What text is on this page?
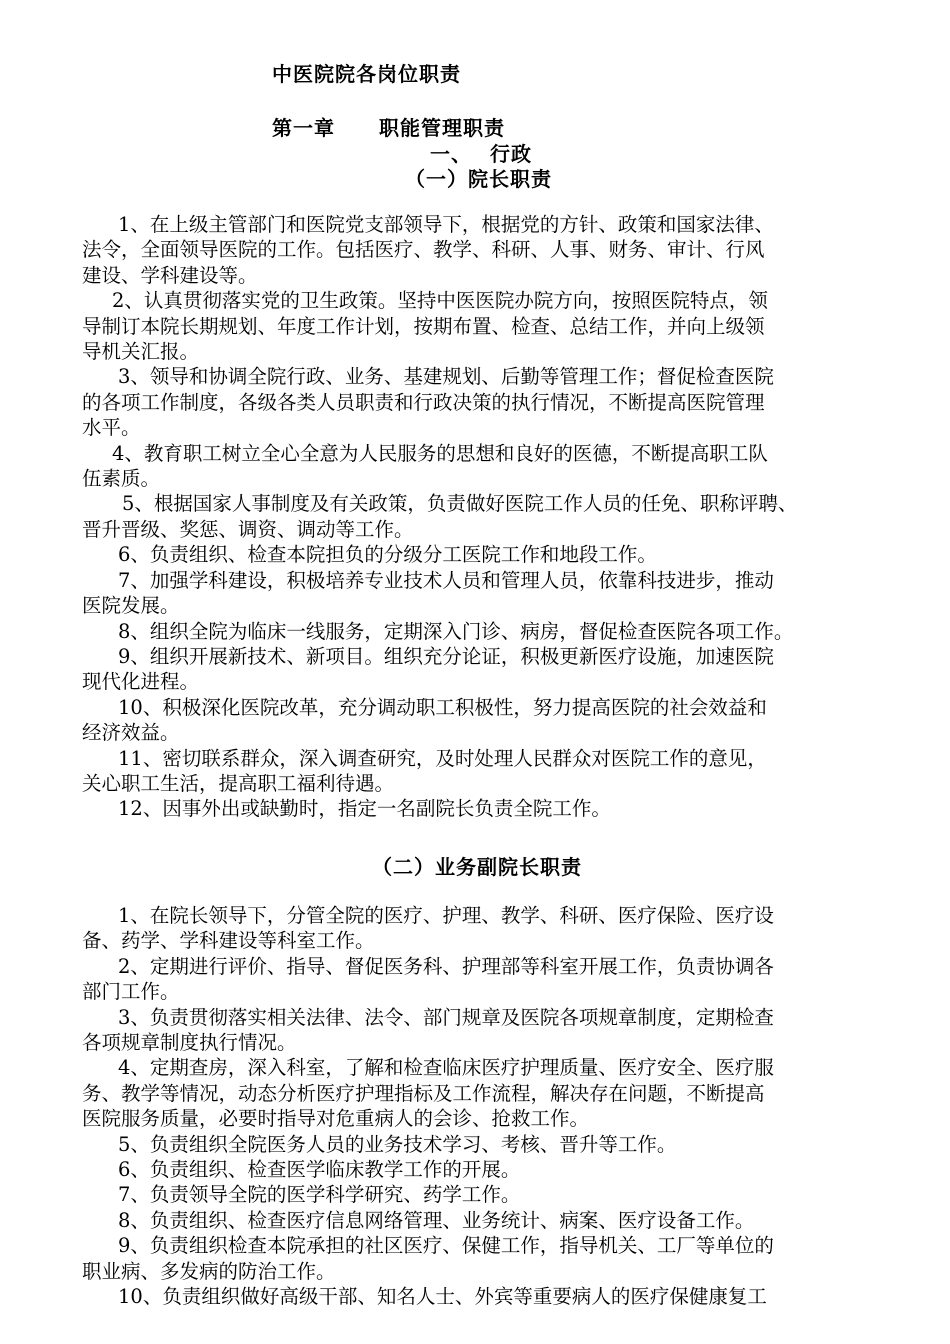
中医院院各岗位职责
第一章 职能管理职责
一、 行政
（一）院长职责
1、在上级主管部门和医院党支部领导下，根据党的方针、政策和国家法律、
法令，全面领导医院的工作。包括医疗、教学、科研、人事、财务、审计、行风
建设、学科建设等。
2、认真贯彻落实党的卫生政策。坚持中医医院办院方向，按照医院特点，领
导制订本院长期规划、年度工作计划，按期布置、检查、总结工作，并向上级领
导机关汇报。
3、领导和协调全院行政、业务、基建规划、后勤等管理工作；督促检查医院
的各项工作制度，各级各类人员职责和行政决策的执行情况，不断提高医院管理
水平。
4、教育职工树立全心全意为人民服务的思想和良好的医德，不断提高职工队
伍素质。
5、根据国家人事制度及有关政策，负责做好医院工作人员的任免、职称评聘、
晋升晋级、奖惩、调资、调动等工作。
6、负责组织、检查本院担负的分级分工医院工作和地段工作。
7、加强学科建设，积极培养专业技术人员和管理人员，依靠科技进步，推动
医院发展。
8、组织全院为临床一线服务，定期深入门诊、病房，督促检查医院各项工作。
9、组织开展新技术、新项目。组织充分论证，积极更新医疗设施，加速医院
现代化进程。
10、积极深化医院改革，充分调动职工积极性，努力提高医院的社会效益和
经济效益。
11、密切联系群众，深入调查研究，及时处理人民群众对医院工作的意见，
关心职工生活，提高职工福利待遇。
12、因事外出或缺勤时，指定一名副院长负责全院工作。
（二）业务副院长职责
1、在院长领导下，分管全院的医疗、护理、教学、科研、医疗保险、医疗设
备、药学、学科建设等科室工作。
2、定期进行评价、指导、督促医务科、护理部等科室开展工作，负责协调各
部门工作。
3、负责贯彻落实相关法律、法令、部门规章及医院各项规章制度，定期检查
各项规章制度执行情况。
4、定期查房，深入科室，了解和检查临床医疗护理质量、医疗安全、医疗服
务、教学等情况，动态分析医疗护理指标及工作流程，解决存在问题，不断提高
医院服务质量，必要时指导对危重病人的会诊、抢救工作。
5、负责组织全院医务人员的业务技术学习、考核、晋升等工作。
6、负责组织、检查医学临床教学工作的开展。
7、负责领导全院的医学科学研究、药学工作。
8、负责组织、检查医疗信息网络管理、业务统计、病案、医疗设备工作。
9、负责组织检查本院承担的社区医疗、保健工作，指导机关、工厂等单位的
职业病、多发病的防治工作。
10、负责组织做好高级干部、知名人士、外宾等重要病人的医疗保健康复工
